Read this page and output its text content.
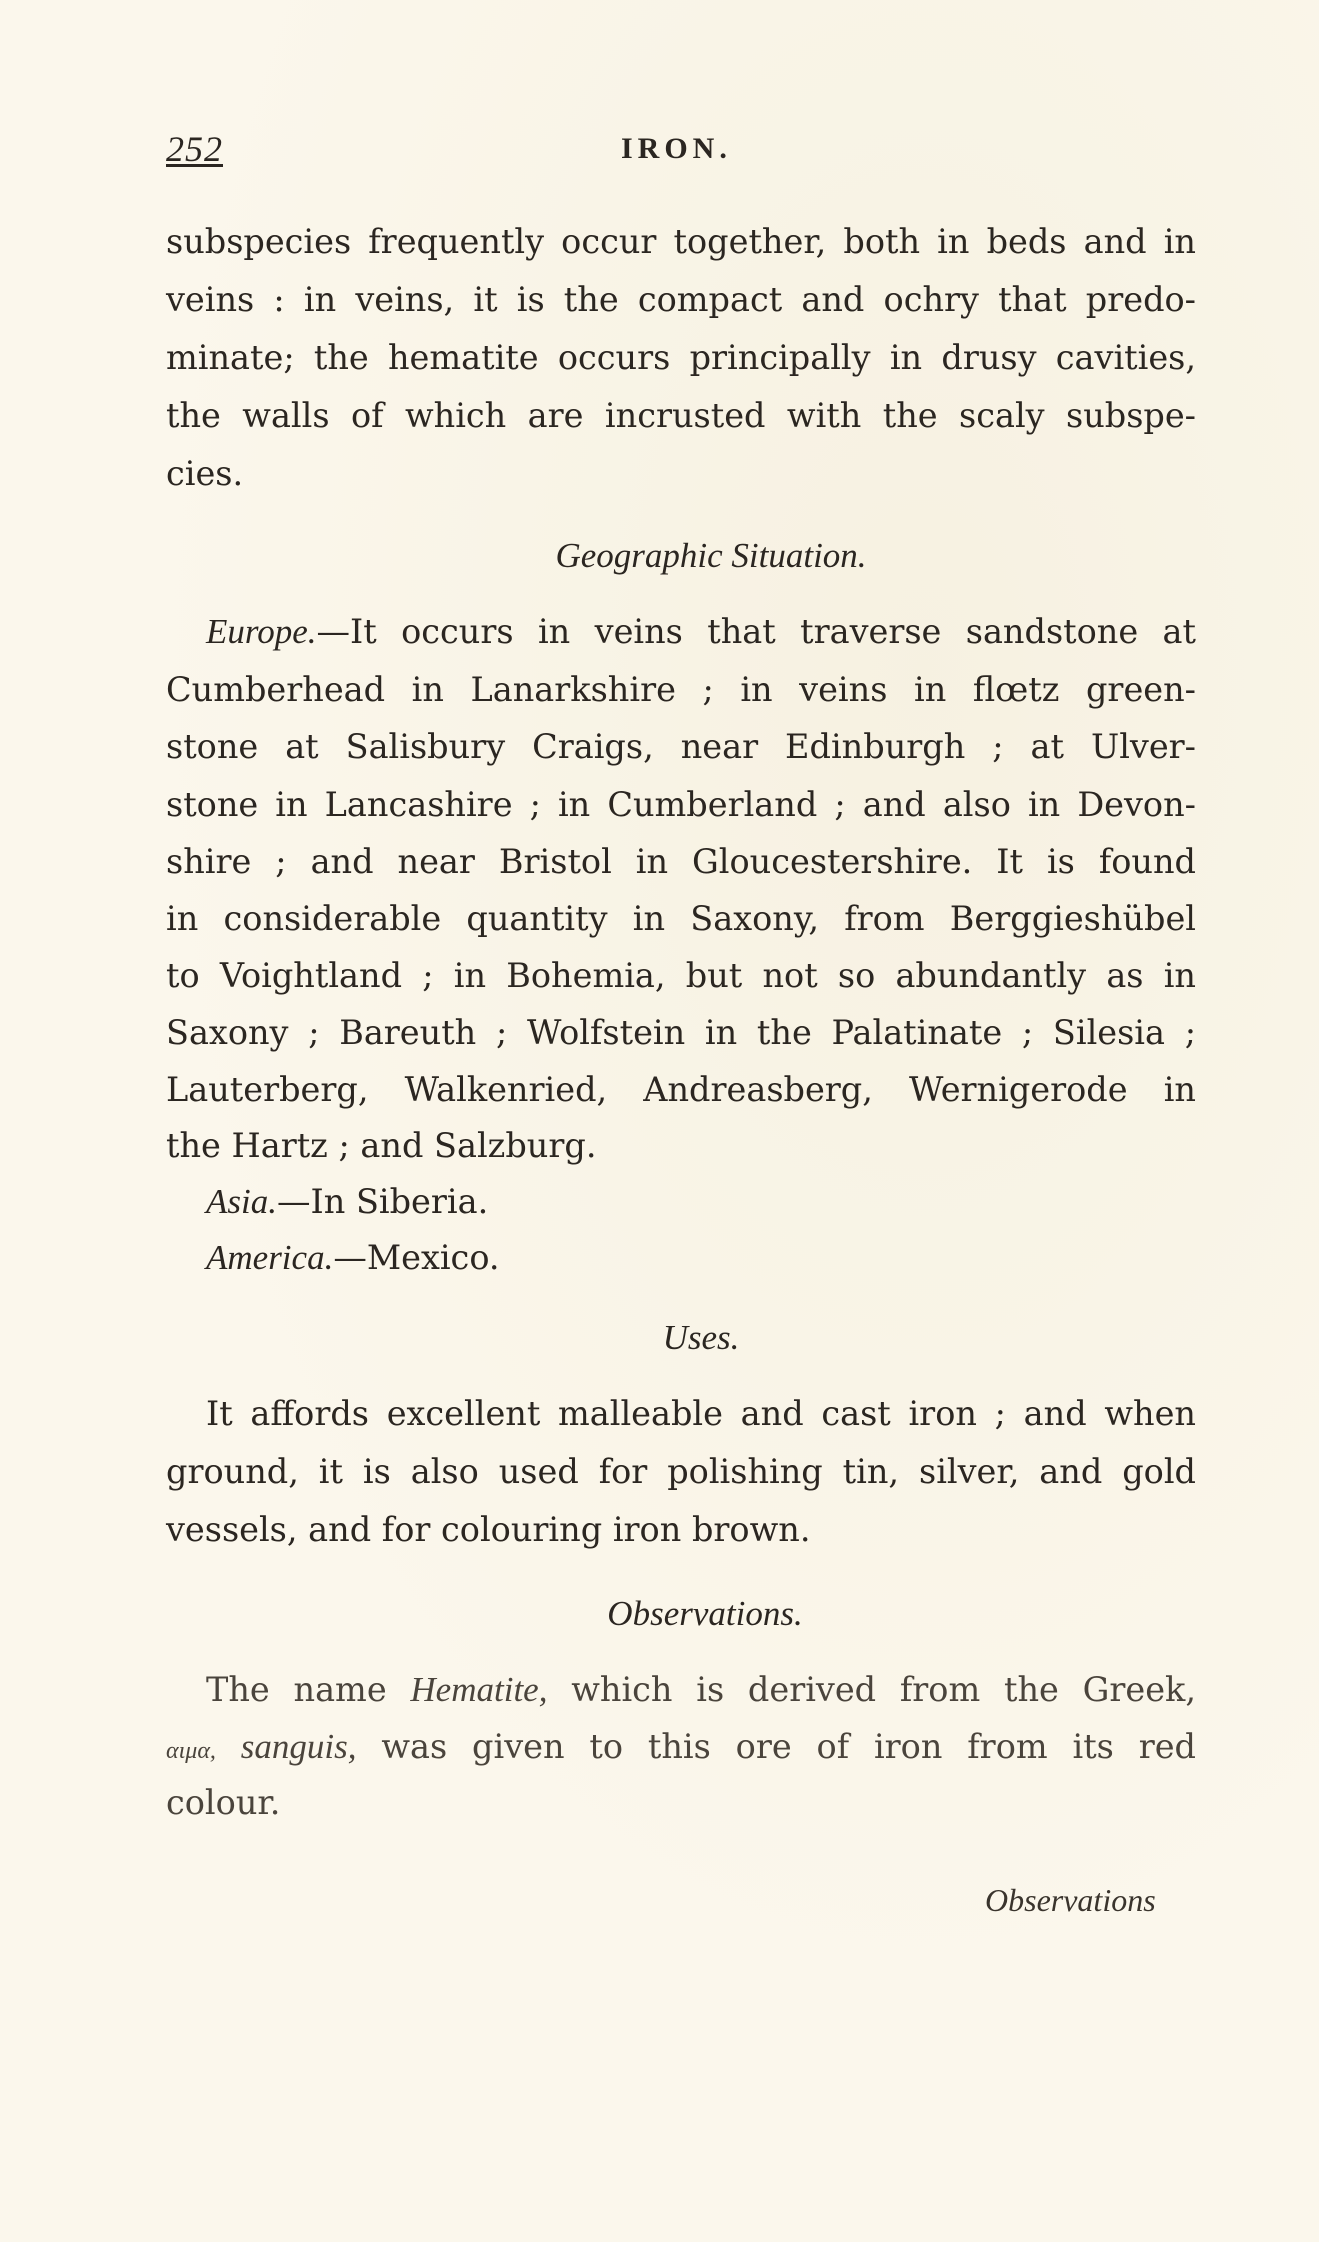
252	IRON.
subspecies frequently occur together, both in beds and in
veins : in veins, it is the compact and ochry that predo-
minate; the hematite occurs principally in drusy cavities,
the walls of which are incrusted with the scaly subspe-
cies.
Geographic Situation.
Europe.—It occurs in veins that traverse sandstone at
Cumberhead in Lanarkshire ; in veins in flœtz green-
stone at Salisbury Craigs, near Edinburgh ; at Ulver-
stone in Lancashire ; in Cumberland ; and also in Devon-
shire ; and near Bristol in Gloucestershire. It is found
in considerable quantity in Saxony, from Berggieshübel
to Voightland ; in Bohemia, but not so abundantly as in
Saxony ; Bareuth ; Wolfstein in the Palatinate ; Silesia ;
Lauterberg, Walkenried, Andreasberg, Wernigerode in
the Hartz ; and Salzburg.
Asia.—In Siberia.
America.—Mexico.
Uses.
It affords excellent malleable and cast iron ; and when
ground, it is also used for polishing tin, silver, and gold
vessels, and for colouring iron brown.
Observations.
The name Hematite, which is derived from the Greek,
αιμα, sanguis, was given to this ore of iron from its red
colour.
Observations
